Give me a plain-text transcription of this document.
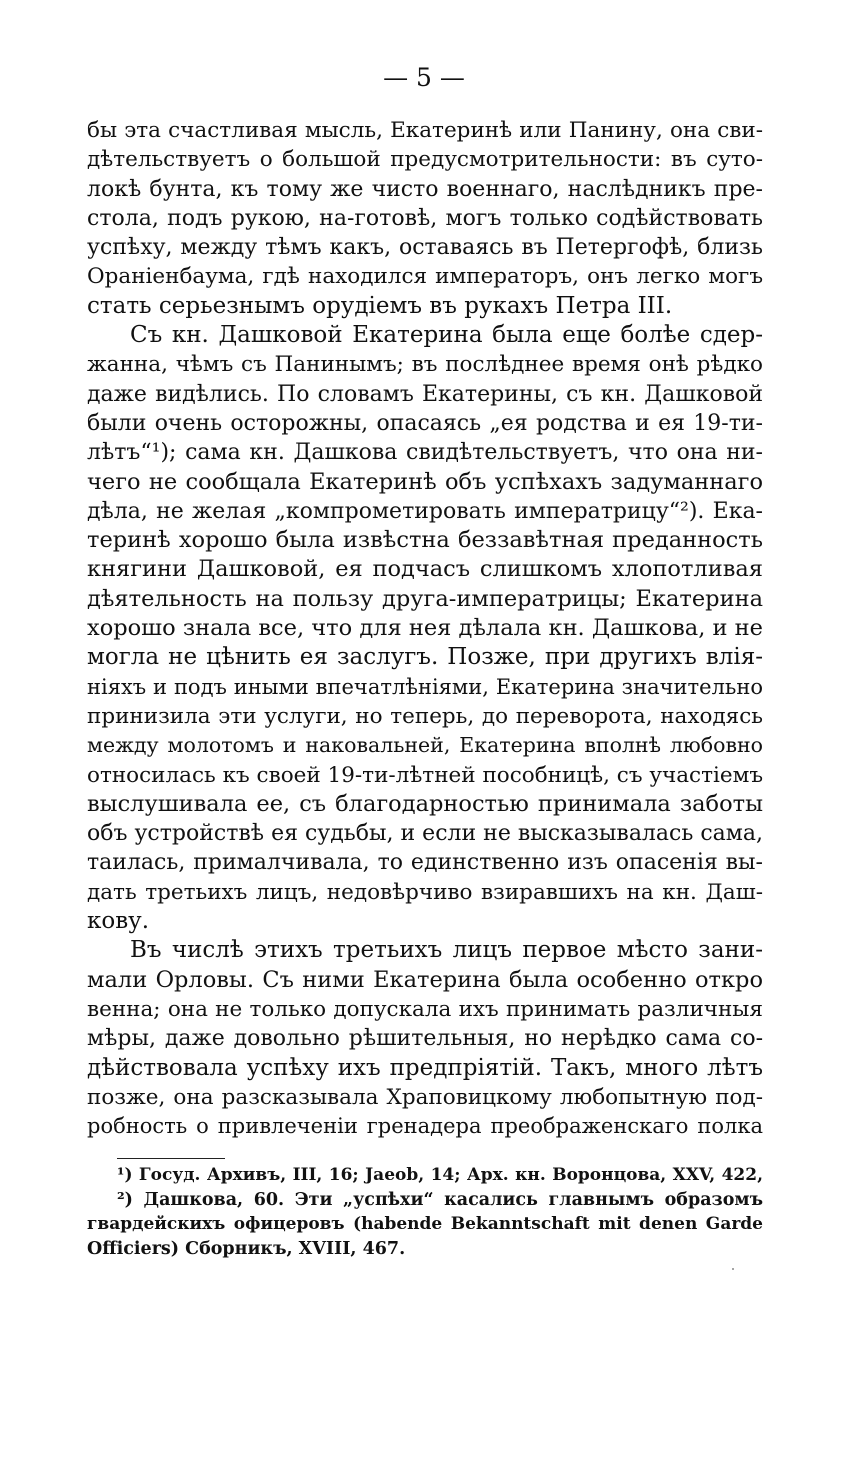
— 5 —
бы эта счастливая мысль, Екатеринѣ или Панину, она сви-
дѣтельствуетъ о большой предусмотрительности: въ суто-
локѣ бунта, къ тому же чисто военнаго, наслѣдникъ пре-
стола, подъ рукою, на-готовѣ, могъ только содѣйствовать
успѣху, между тѣмъ какъ, оставаясь въ Петергофѣ, близь
Ораніенбаума, гдѣ находился императоръ, онъ легко могъ
стать серьезнымъ орудіемъ въ рукахъ Петра III.
Съ кн. Дашковой Екатерина была еще болѣе сдер-
жанна, чѣмъ съ Панинымъ; въ послѣднее время онѣ рѣдко
даже видѣлись. По словамъ Екатерины, съ кн. Дашковой
были очень осторожны, опасаясь „ея родства и ея 19-ти-
лѣтъ“¹); сама кн. Дашкова свидѣтельствуетъ, что она ни-
чего не сообщала Екатеринѣ объ успѣхахъ задуманнаго
дѣла, не желая „компрометировать императрицу“²). Ека-
теринѣ хорошо была извѣстна беззавѣтная преданность
княгини Дашковой, ея подчасъ слишкомъ хлопотливая
дѣятельность на пользу друга-императрицы; Екатерина
хорошо знала все, что для нея дѣлала кн. Дашкова, и не
могла не цѣнить ея заслугъ. Позже, при другихъ влія-
ніяхъ и подъ иными впечатлѣніями, Екатерина значительно
принизила эти услуги, но теперь, до переворота, находясь
между молотомъ и наковальней, Екатерина вполнѣ любовно
относилась къ своей 19-ти-лѣтней пособницѣ, съ участіемъ
выслушивала ее, съ благодарностью принимала заботы
объ устройствѣ ея судьбы, и если не высказывалась сама,
таилась, прималчивала, то единственно изъ опасенія вы-
дать третьихъ лицъ, недовѣрчиво взиравшихъ на кн. Даш-
кову.
Въ числѣ этихъ третьихъ лицъ первое мѣсто зани-
мали Орловы. Съ ними Екатерина была особенно откро
венна; она не только допускала ихъ принимать различныя
мѣры, даже довольно рѣшительныя, но нерѣдко сама со-
дѣйствовала успѣху ихъ предпріятій. Такъ, много лѣтъ
позже, она разсказывала Храповицкому любопытную под-
робность о привлеченіи гренадера преображенскаго полка
¹) Госуд. Архивъ, III, 16; Jaeob, 14; Арх. кн. Воронцова, XXV, 422,
²) Дашкова, 60. Эти „успѣхи“ касались главнымъ образомъ
гвардейскихъ офицеровъ (habende Bekanntschaft mit denen Garde
Officiers) Сборникъ, XVIII, 467.
